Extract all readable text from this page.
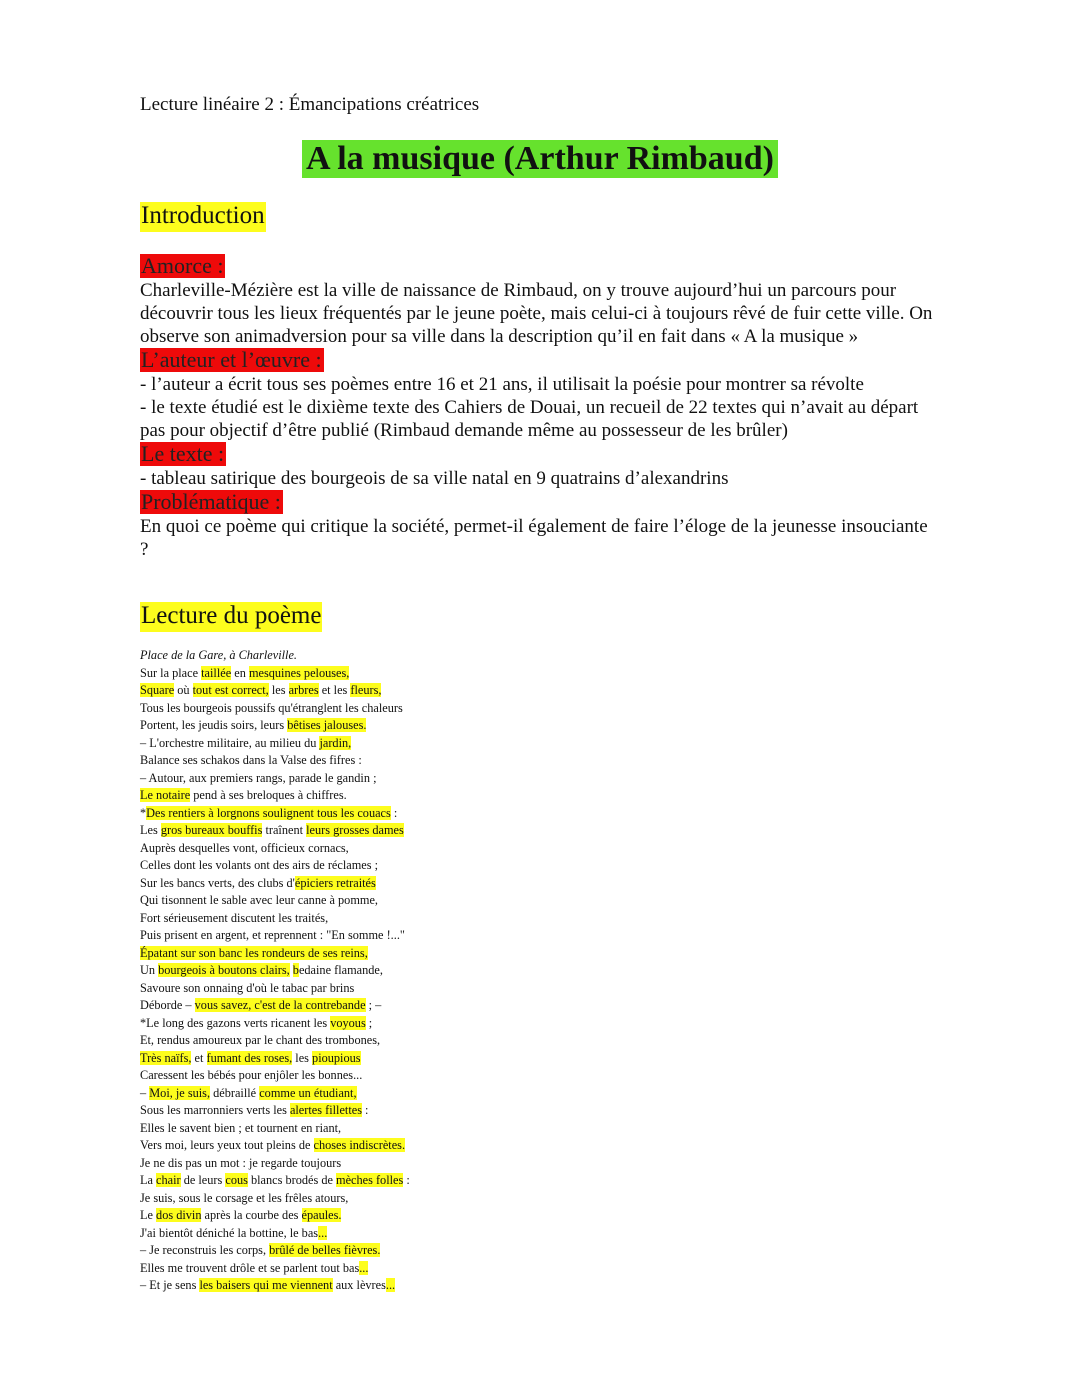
Lecture linéaire 2 : Émancipations créatrices
A la musique (Arthur Rimbaud)
Introduction
Amorce :

Charleville-Mézière est la ville de naissance de Rimbaud, on y trouve aujourd’hui un parcours pour découvrir tous les lieux fréquentés par le jeune poète, mais celui-ci à toujours rêvé de fuir cette ville. On observe son animadversion pour sa ville dans la description qu’il en fait dans « A la musique »

L’auteur et l’œuvre :

- l’auteur a écrit tous ses poèmes entre 16 et 21 ans, il utilisait la poésie pour montrer sa révolte

- le texte étudié est le dixième texte des Cahiers de Douai, un recueil de 22 textes qui n’avait au départ pas pour objectif d’être publié (Rimbaud demande même au possesseur de les brûler)

Le texte :

- tableau satirique des bourgeois de sa ville natal en 9 quatrains d’alexandrins

Problématique :

En quoi ce poème qui critique la société, permet-il également de faire l’éloge de la jeunesse insouciante ?

Lecture du poème
Place de la Gare, à Charleville.
Sur la place taillée en mesquines pelouses,
Square où tout est correct, les arbres et les fleurs,
Tous les bourgeois poussifs qu'étranglent les chaleurs
Portent, les jeudis soirs, leurs bêtises jalouses.
– L'orchestre militaire, au milieu du jardin,
Balance ses schakos dans la Valse des fifres :
– Autour, aux premiers rangs, parade le gandin ;
Le notaire pend à ses breloques à chiffres.
*Des rentiers à lorgnons soulignent tous les couacs :
Les gros bureaux bouffis traînent leurs grosses dames
Auprès desquelles vont, officieux cornacs,
Celles dont les volants ont des airs de réclames ;
Sur les bancs verts, des clubs d'épiciers retraités
Qui tisonnent le sable avec leur canne à pomme,
Fort sérieusement discutent les traités,
Puis prisent en argent, et reprennent : "En somme !..."
Épatant sur son banc les rondeurs de ses reins,
Un bourgeois à boutons clairs, bedaine flamande,
Savoure son onnaing d'où le tabac par brins
Déborde – vous savez, c'est de la contrebande ; –
*Le long des gazons verts ricanent les voyous ;
Et, rendus amoureux par le chant des trombones,
Très naïfs, et fumant des roses, les pioupious
Caressent les bébés pour enjôler les bonnes...
– Moi, je suis, débraillé comme un étudiant,
Sous les marronniers verts les alertes fillettes :
Elles le savent bien ; et tournent en riant,
Vers moi, leurs yeux tout pleins de choses indiscrètes.
Je ne dis pas un mot : je regarde toujours
La chair de leurs cous blancs brodés de mèches folles :
Je suis, sous le corsage et les frêles atours,
Le dos divin après la courbe des épaules.
J'ai bientôt déniché la bottine, le bas...
– Je reconstruis les corps, brûlé de belles fièvres.
Elles me trouvent drôle et se parlent tout bas...
– Et je sens les baisers qui me viennent aux lèvres...
